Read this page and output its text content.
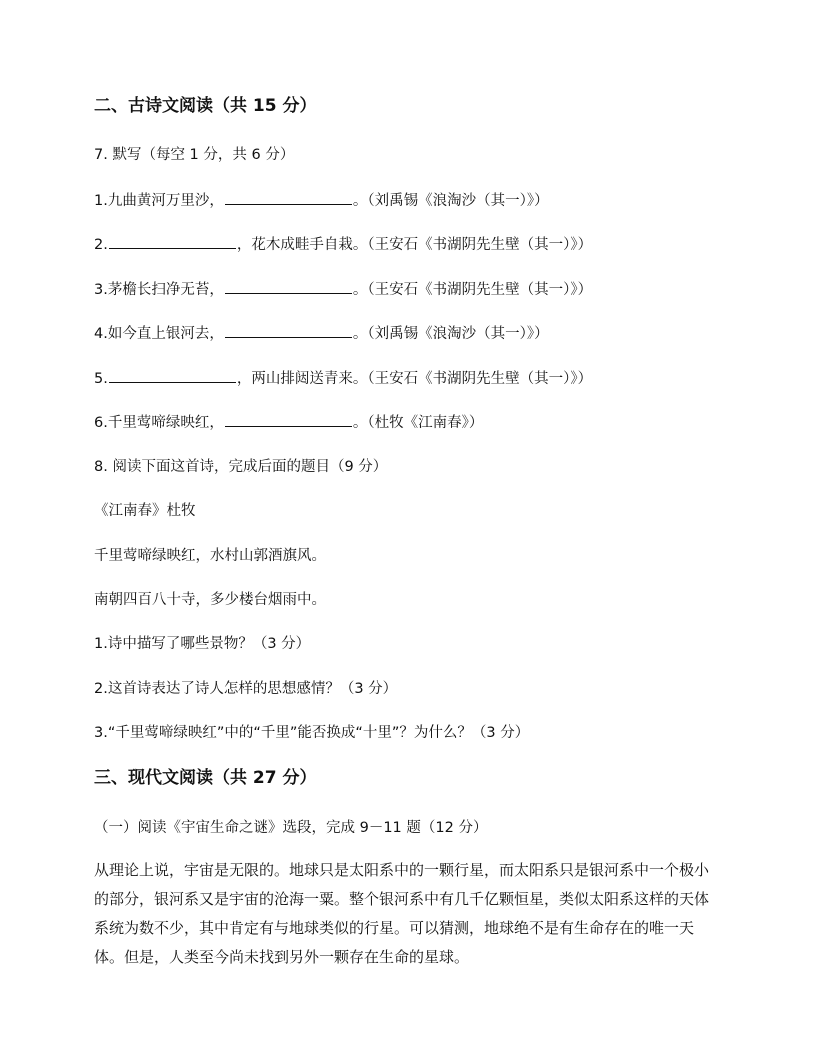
二、古诗文阅读（共 15 分）
7. 默写（每空 1 分，共 6 分）
1.九曲黄河万里沙，	。（刘禹锡《浪淘沙（其一）》）
2.	，花木成畦手自栽。（王安石《书湖阴先生壁（其一）》）
3.茅檐长扫净无苔，	。（王安石《书湖阴先生壁（其一）》）
4.如今直上银河去，	。（刘禹锡《浪淘沙（其一）》）
5.	，两山排闼送青来。（王安石《书湖阴先生壁（其一）》）
6.千里莺啼绿映红，	。（杜牧《江南春》）
8. 阅读下面这首诗，完成后面的题目（9 分）
《江南春》杜牧
千里莺啼绿映红，水村山郭酒旗风。
南朝四百八十寺，多少楼台烟雨中。
1.诗中描写了哪些景物？（3 分）
2.这首诗表达了诗人怎样的思想感情？（3 分）
3.“千里莺啼绿映红”中的“千里”能否换成“十里”？为什么？（3 分）
三、现代文阅读（共 27 分）
（一）阅读《宇宙生命之谜》选段，完成 9－11 题（12 分）
从理论上说，宇宙是无限的。地球只是太阳系中的一颗行星，而太阳系只是银河系中一个极小的部分，银河系又是宇宙的沧海一粟。整个银河系中有几千亿颗恒星，类似太阳系这样的天体系统为数不少，其中肯定有与地球类似的行星。可以猜测，地球绝不是有生命存在的唯一天体。但是，人类至今尚未找到另外一颗存在生命的星球。
